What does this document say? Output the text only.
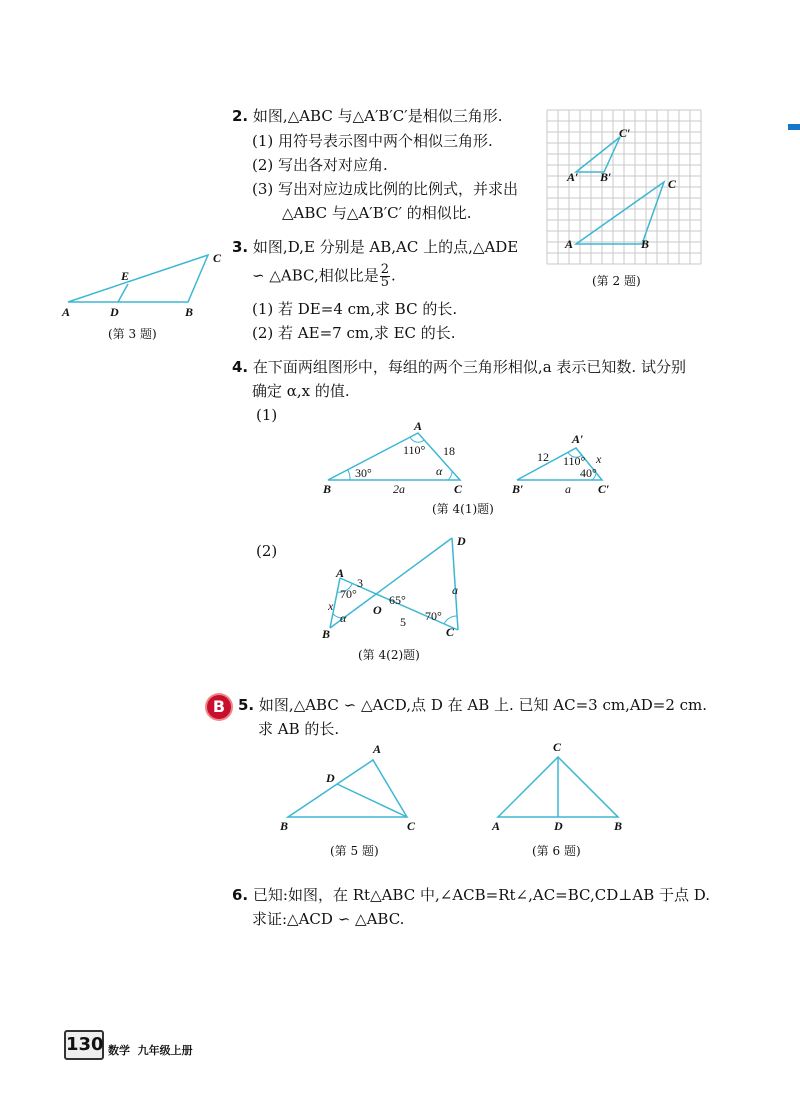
2. 如图,△ABC 与△A′B′C′是相似三角形.
(1) 用符号表示图中两个相似三角形.
(2) 写出各对对应角.
(3) 写出对应边成比例的比例式，并求出
△ABC 与△A′B′C′ 的相似比.
3. 如图,D,E 分别是 AB,AC 上的点,△ADE
∽ △ABC,相似比是 $\frac{2}{5}$ .
(1) 若 DE=4 cm,求 BC 的长.
(2) 若 AE=7 cm,求 EC 的长.
4. 在下面两组图形中，每组的两个三角形相似,a 表示已知数. 试分别
确定 α,x 的值.
(1)
(2)
B 5. 如图,△ABC ∽ △ACD,点 D 在 AB 上. 已知 AC=3 cm,AD=2 cm.
求 AB 的长.
6. 已知:如图，在 Rt△ABC 中,∠ACB=Rt∠,AC=BC,CD⊥AB 于点 D.
求证:△ACD ∽ △ABC.
(第 2 题)
(第 3 题)
(第 4(1)题)
(第 4(2)题)
(第 5 题)	(第 6 题)
C′
A′ B′	C
A	B
A	D	B
C
E
A
B	C
110°
30°	α
18
2a
A′
B′	C′
110°
40°
12	x
a
A
B	C
D
O
70°
α
65°
70°
3
5
x
a
A
B	C
D
C
A	D	B
130 数学 九年级上册
